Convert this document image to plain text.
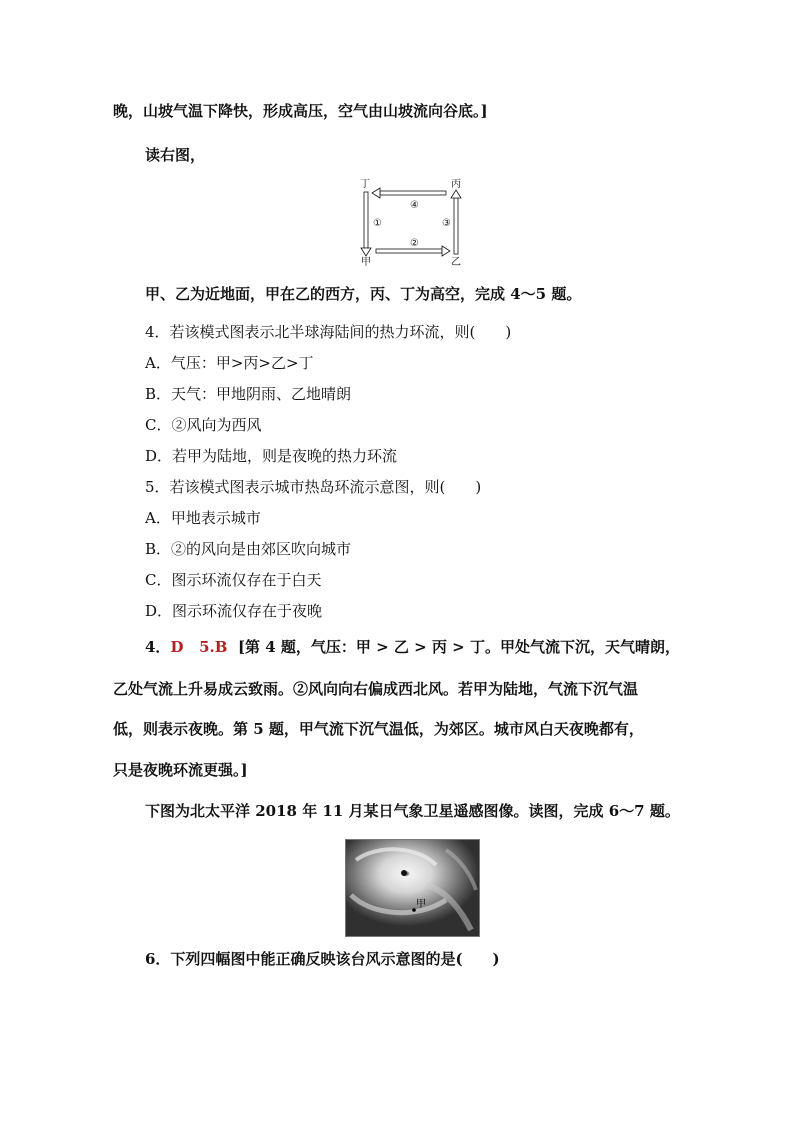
晚，山坡气温下降快，形成高压，空气由山坡流向谷底。]
读右图，
丁	丙
甲	乙
④
①
②
③
甲、乙为近地面，甲在乙的西方，丙、丁为高空，完成 4～5 题。
4．若该模式图表示北半球海陆间的热力环流，则(　　)
A．气压：甲>丙>乙>丁
B．天气：甲地阴雨、乙地晴朗
C．②风向为西风
D．若甲为陆地，则是夜晚的热力环流
5．若该模式图表示城市热岛环流示意图，则(　　)
A．甲地表示城市
B．②的风向是由郊区吹向城市
C．图示环流仅存在于白天
D．图示环流仅存在于夜晚
4．D 5.B [第 4 题，气压：甲 > 乙 > 丙 > 丁。甲处气流下沉，天气晴朗，
乙处气流上升易成云致雨。②风向向右偏成西北风。若甲为陆地，气流下沉气温
低，则表示夜晚。第 5 题，甲气流下沉气温低，为郊区。城市风白天夜晚都有，
只是夜晚环流更强。]
下图为北太平洋 2018 年 11 月某日气象卫星遥感图像。读图，完成 6～7 题。
甲
6．下列四幅图中能正确反映该台风示意图的是(　　)
